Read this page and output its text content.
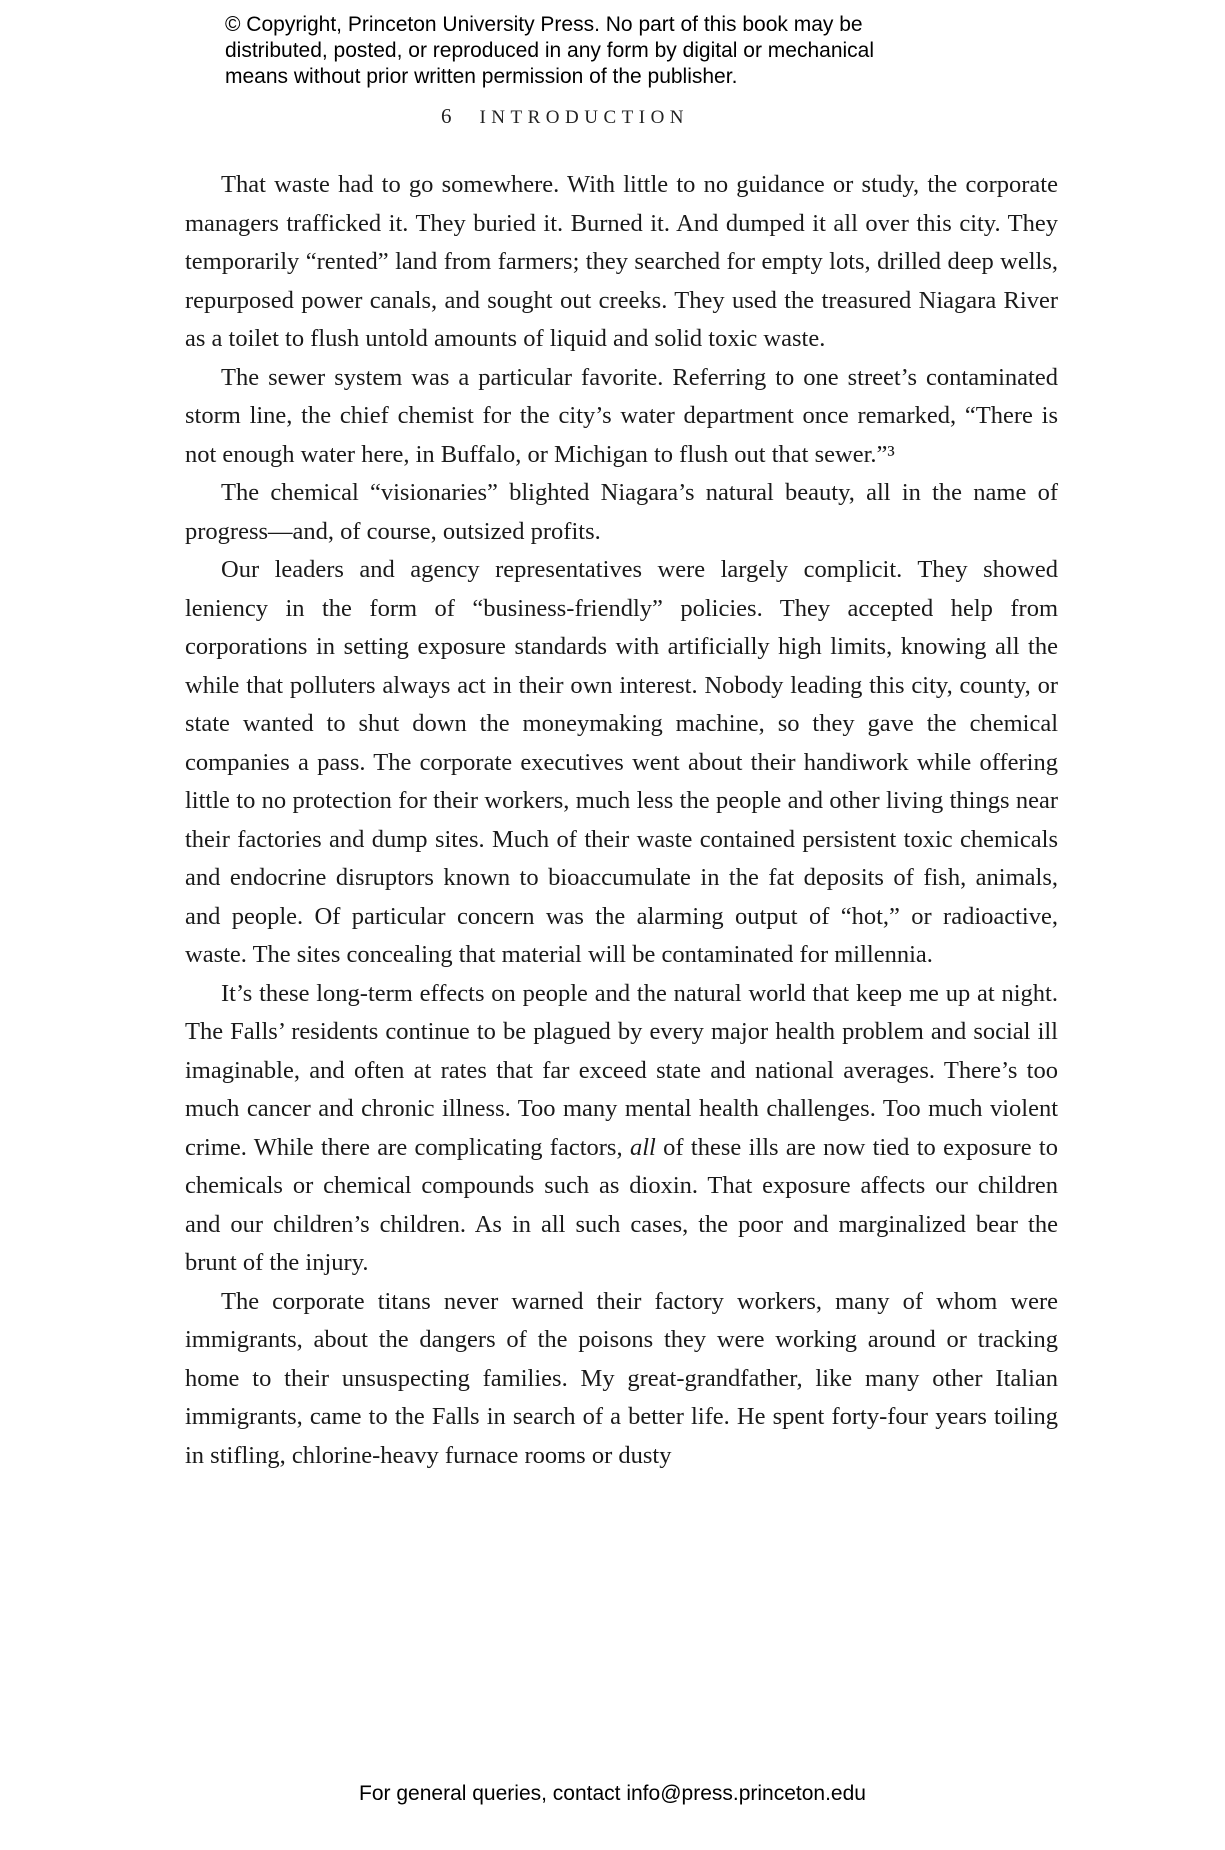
© Copyright, Princeton University Press. No part of this book may be
distributed, posted, or reproduced in any form by digital or mechanical
means without prior written permission of the publisher.
6 INTRODUCTION

That waste had to go somewhere. With little to no guidance or study, the corporate managers trafficked it. They buried it. Burned it. And dumped it all over this city. They temporarily “rented” land from farmers; they searched for empty lots, drilled deep wells, repurposed power canals, and sought out creeks. They used the treasured Niagara River as a toilet to flush untold amounts of liquid and solid toxic waste.

The sewer system was a particular favorite. Referring to one street’s contaminated storm line, the chief chemist for the city’s water department once remarked, “There is not enough water here, in Buffalo, or Michigan to flush out that sewer.”³

The chemical “visionaries” blighted Niagara’s natural beauty, all in the name of progress—and, of course, outsized profits.

Our leaders and agency representatives were largely complicit. They showed leniency in the form of “business-friendly” policies. They accepted help from corporations in setting exposure standards with artificially high limits, knowing all the while that polluters always act in their own interest. Nobody leading this city, county, or state wanted to shut down the moneymaking machine, so they gave the chemical companies a pass. The corporate executives went about their handiwork while offering little to no protection for their workers, much less the people and other living things near their factories and dump sites. Much of their waste contained persistent toxic chemicals and endocrine disruptors known to bioaccumulate in the fat deposits of fish, animals, and people. Of particular concern was the alarming output of “hot,” or radioactive, waste. The sites concealing that material will be contaminated for millennia.

It’s these long-term effects on people and the natural world that keep me up at night. The Falls’ residents continue to be plagued by every major health problem and social ill imaginable, and often at rates that far exceed state and national averages. There’s too much cancer and chronic illness. Too many mental health challenges. Too much violent crime. While there are complicating factors, all of these ills are now tied to exposure to chemicals or chemical compounds such as dioxin. That exposure affects our children and our children’s children. As in all such cases, the poor and marginalized bear the brunt of the injury.

The corporate titans never warned their factory workers, many of whom were immigrants, about the dangers of the poisons they were working around or tracking home to their unsuspecting families. My great-grandfather, like many other Italian immigrants, came to the Falls in search of a better life. He spent forty-four years toiling in stifling, chlorine-heavy furnace rooms or dusty

For general queries, contact info@press.princeton.edu
